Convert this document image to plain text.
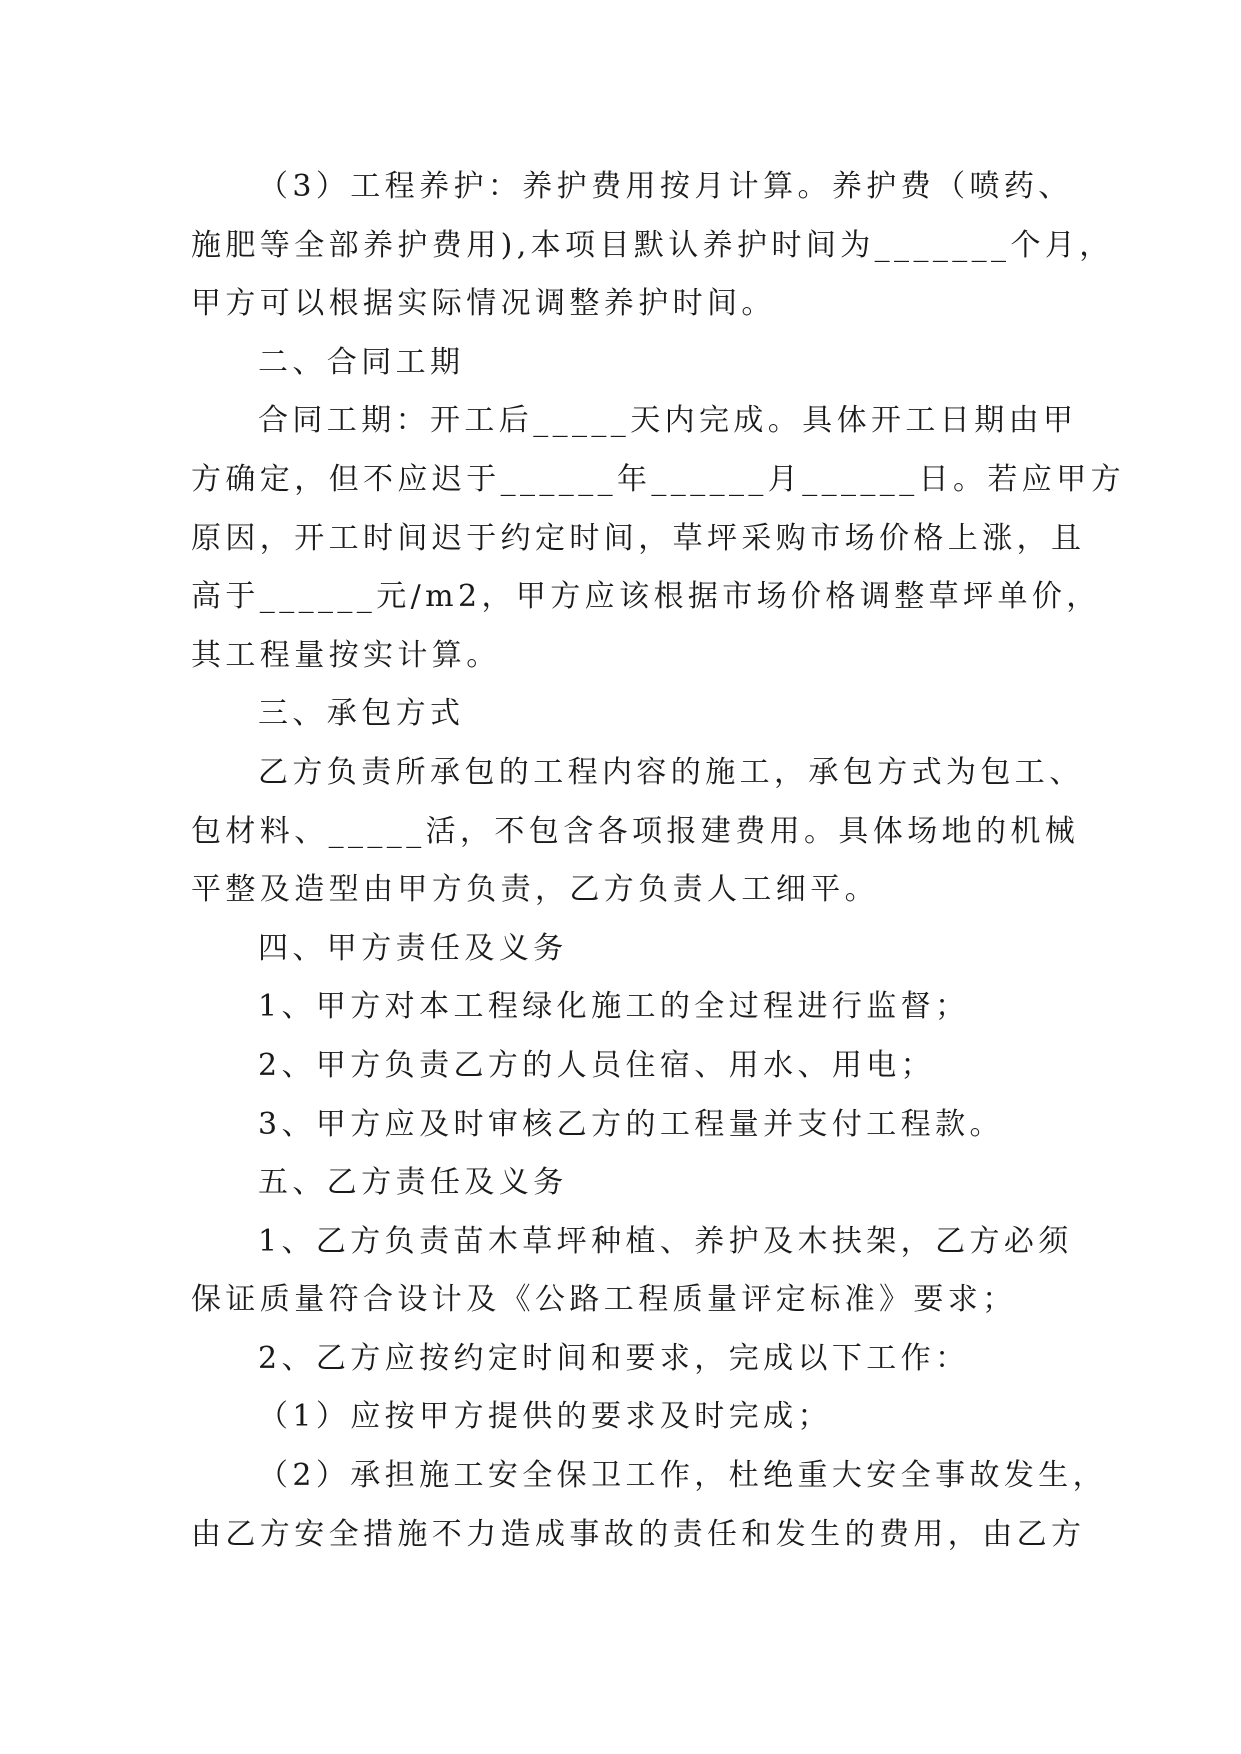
（3）工程养护：养护费用按月计算。养护费（喷药、
施肥等全部养护费用),本项目默认养护时间为_______个月，
甲方可以根据实际情况调整养护时间。
二、合同工期
合同工期：开工后_____天内完成。具体开工日期由甲
方确定，但不应迟于______年______月______日。若应甲方
原因，开工时间迟于约定时间，草坪采购市场价格上涨，且
高于______元/m2，甲方应该根据市场价格调整草坪单价，
其工程量按实计算。
三、承包方式
乙方负责所承包的工程内容的施工，承包方式为包工、
包材料、_____活，不包含各项报建费用。具体场地的机械
平整及造型由甲方负责，乙方负责人工细平。
四、甲方责任及义务
1、甲方对本工程绿化施工的全过程进行监督；
2、甲方负责乙方的人员住宿、用水、用电；
3、甲方应及时审核乙方的工程量并支付工程款。
五、乙方责任及义务
1、乙方负责苗木草坪种植、养护及木扶架，乙方必须
保证质量符合设计及《公路工程质量评定标准》要求；
2、乙方应按约定时间和要求，完成以下工作：
（1）应按甲方提供的要求及时完成；
（2）承担施工安全保卫工作，杜绝重大安全事故发生，
由乙方安全措施不力造成事故的责任和发生的费用，由乙方
